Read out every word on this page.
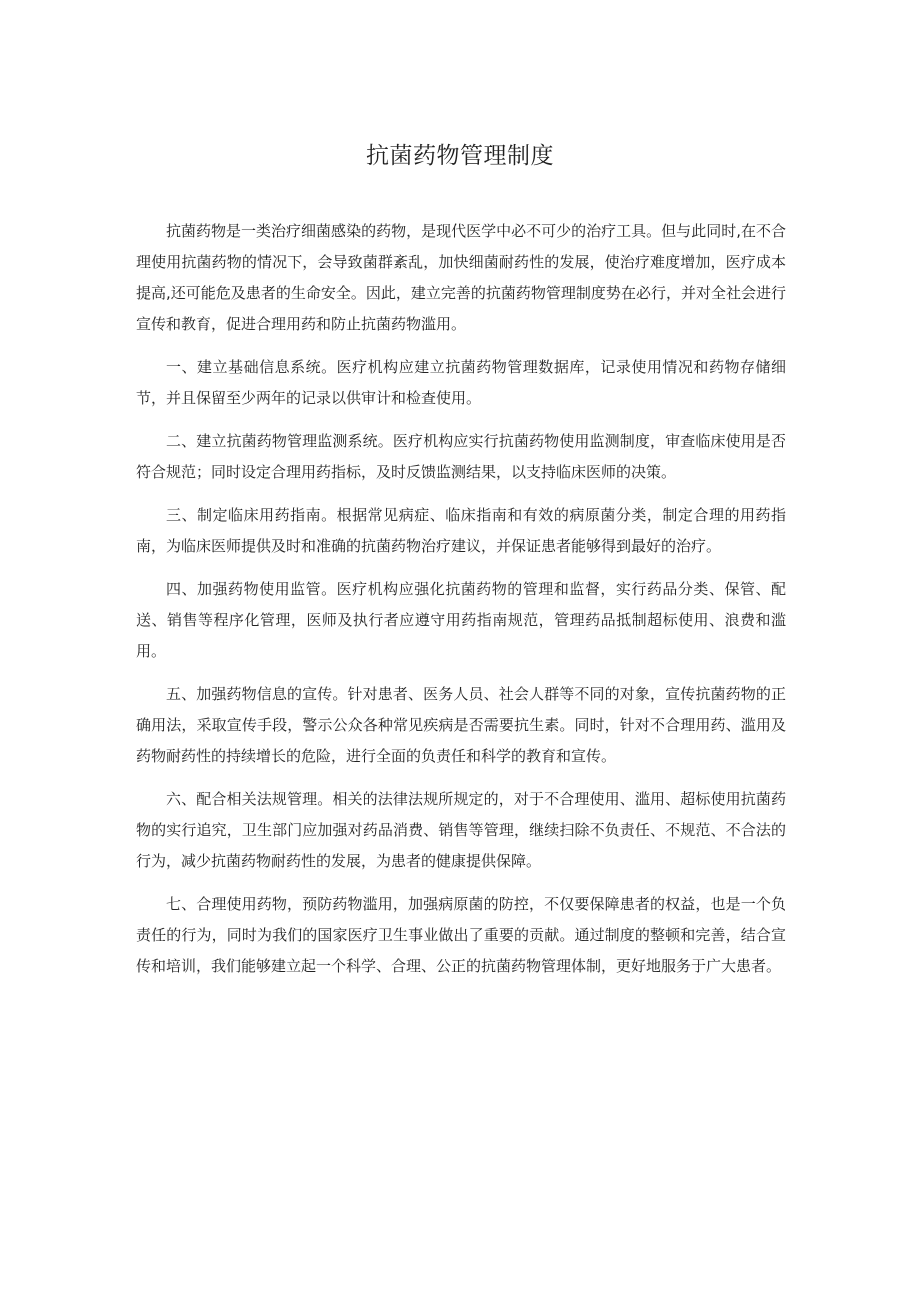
抗菌药物管理制度

抗菌药物是一类治疗细菌感染的药物，是现代医学中必不可少的治疗工具。但与此同时,在不合理使用抗菌药物的情况下，会导致菌群紊乱，加快细菌耐药性的发展，使治疗难度增加，医疗成本提高,还可能危及患者的生命安全。因此，建立完善的抗菌药物管理制度势在必行，并对全社会进行宣传和教育，促进合理用药和防止抗菌药物滥用。

一、建立基础信息系统。医疗机构应建立抗菌药物管理数据库，记录使用情况和药物存储细节，并且保留至少两年的记录以供审计和检查使用。

二、建立抗菌药物管理监测系统。医疗机构应实行抗菌药物使用监测制度，审查临床使用是否符合规范；同时设定合理用药指标，及时反馈监测结果，以支持临床医师的决策。

三、制定临床用药指南。根据常见病症、临床指南和有效的病原菌分类，制定合理的用药指南，为临床医师提供及时和准确的抗菌药物治疗建议，并保证患者能够得到最好的治疗。

四、加强药物使用监管。医疗机构应强化抗菌药物的管理和监督，实行药品分类、保管、配送、销售等程序化管理，医师及执行者应遵守用药指南规范，管理药品抵制超标使用、浪费和滥用。

五、加强药物信息的宣传。针对患者、医务人员、社会人群等不同的对象，宣传抗菌药物的正确用法，采取宣传手段，警示公众各种常见疾病是否需要抗生素。同时，针对不合理用药、滥用及药物耐药性的持续增长的危险，进行全面的负责任和科学的教育和宣传。

六、配合相关法规管理。相关的法律法规所规定的，对于不合理使用、滥用、超标使用抗菌药物的实行追究，卫生部门应加强对药品消费、销售等管理，继续扫除不负责任、不规范、不合法的行为，减少抗菌药物耐药性的发展，为患者的健康提供保障。

七、合理使用药物，预防药物滥用，加强病原菌的防控，不仅要保障患者的权益，也是一个负责任的行为，同时为我们的国家医疗卫生事业做出了重要的贡献。通过制度的整顿和完善，结合宣传和培训，我们能够建立起一个科学、合理、公正的抗菌药物管理体制，更好地服务于广大患者。
